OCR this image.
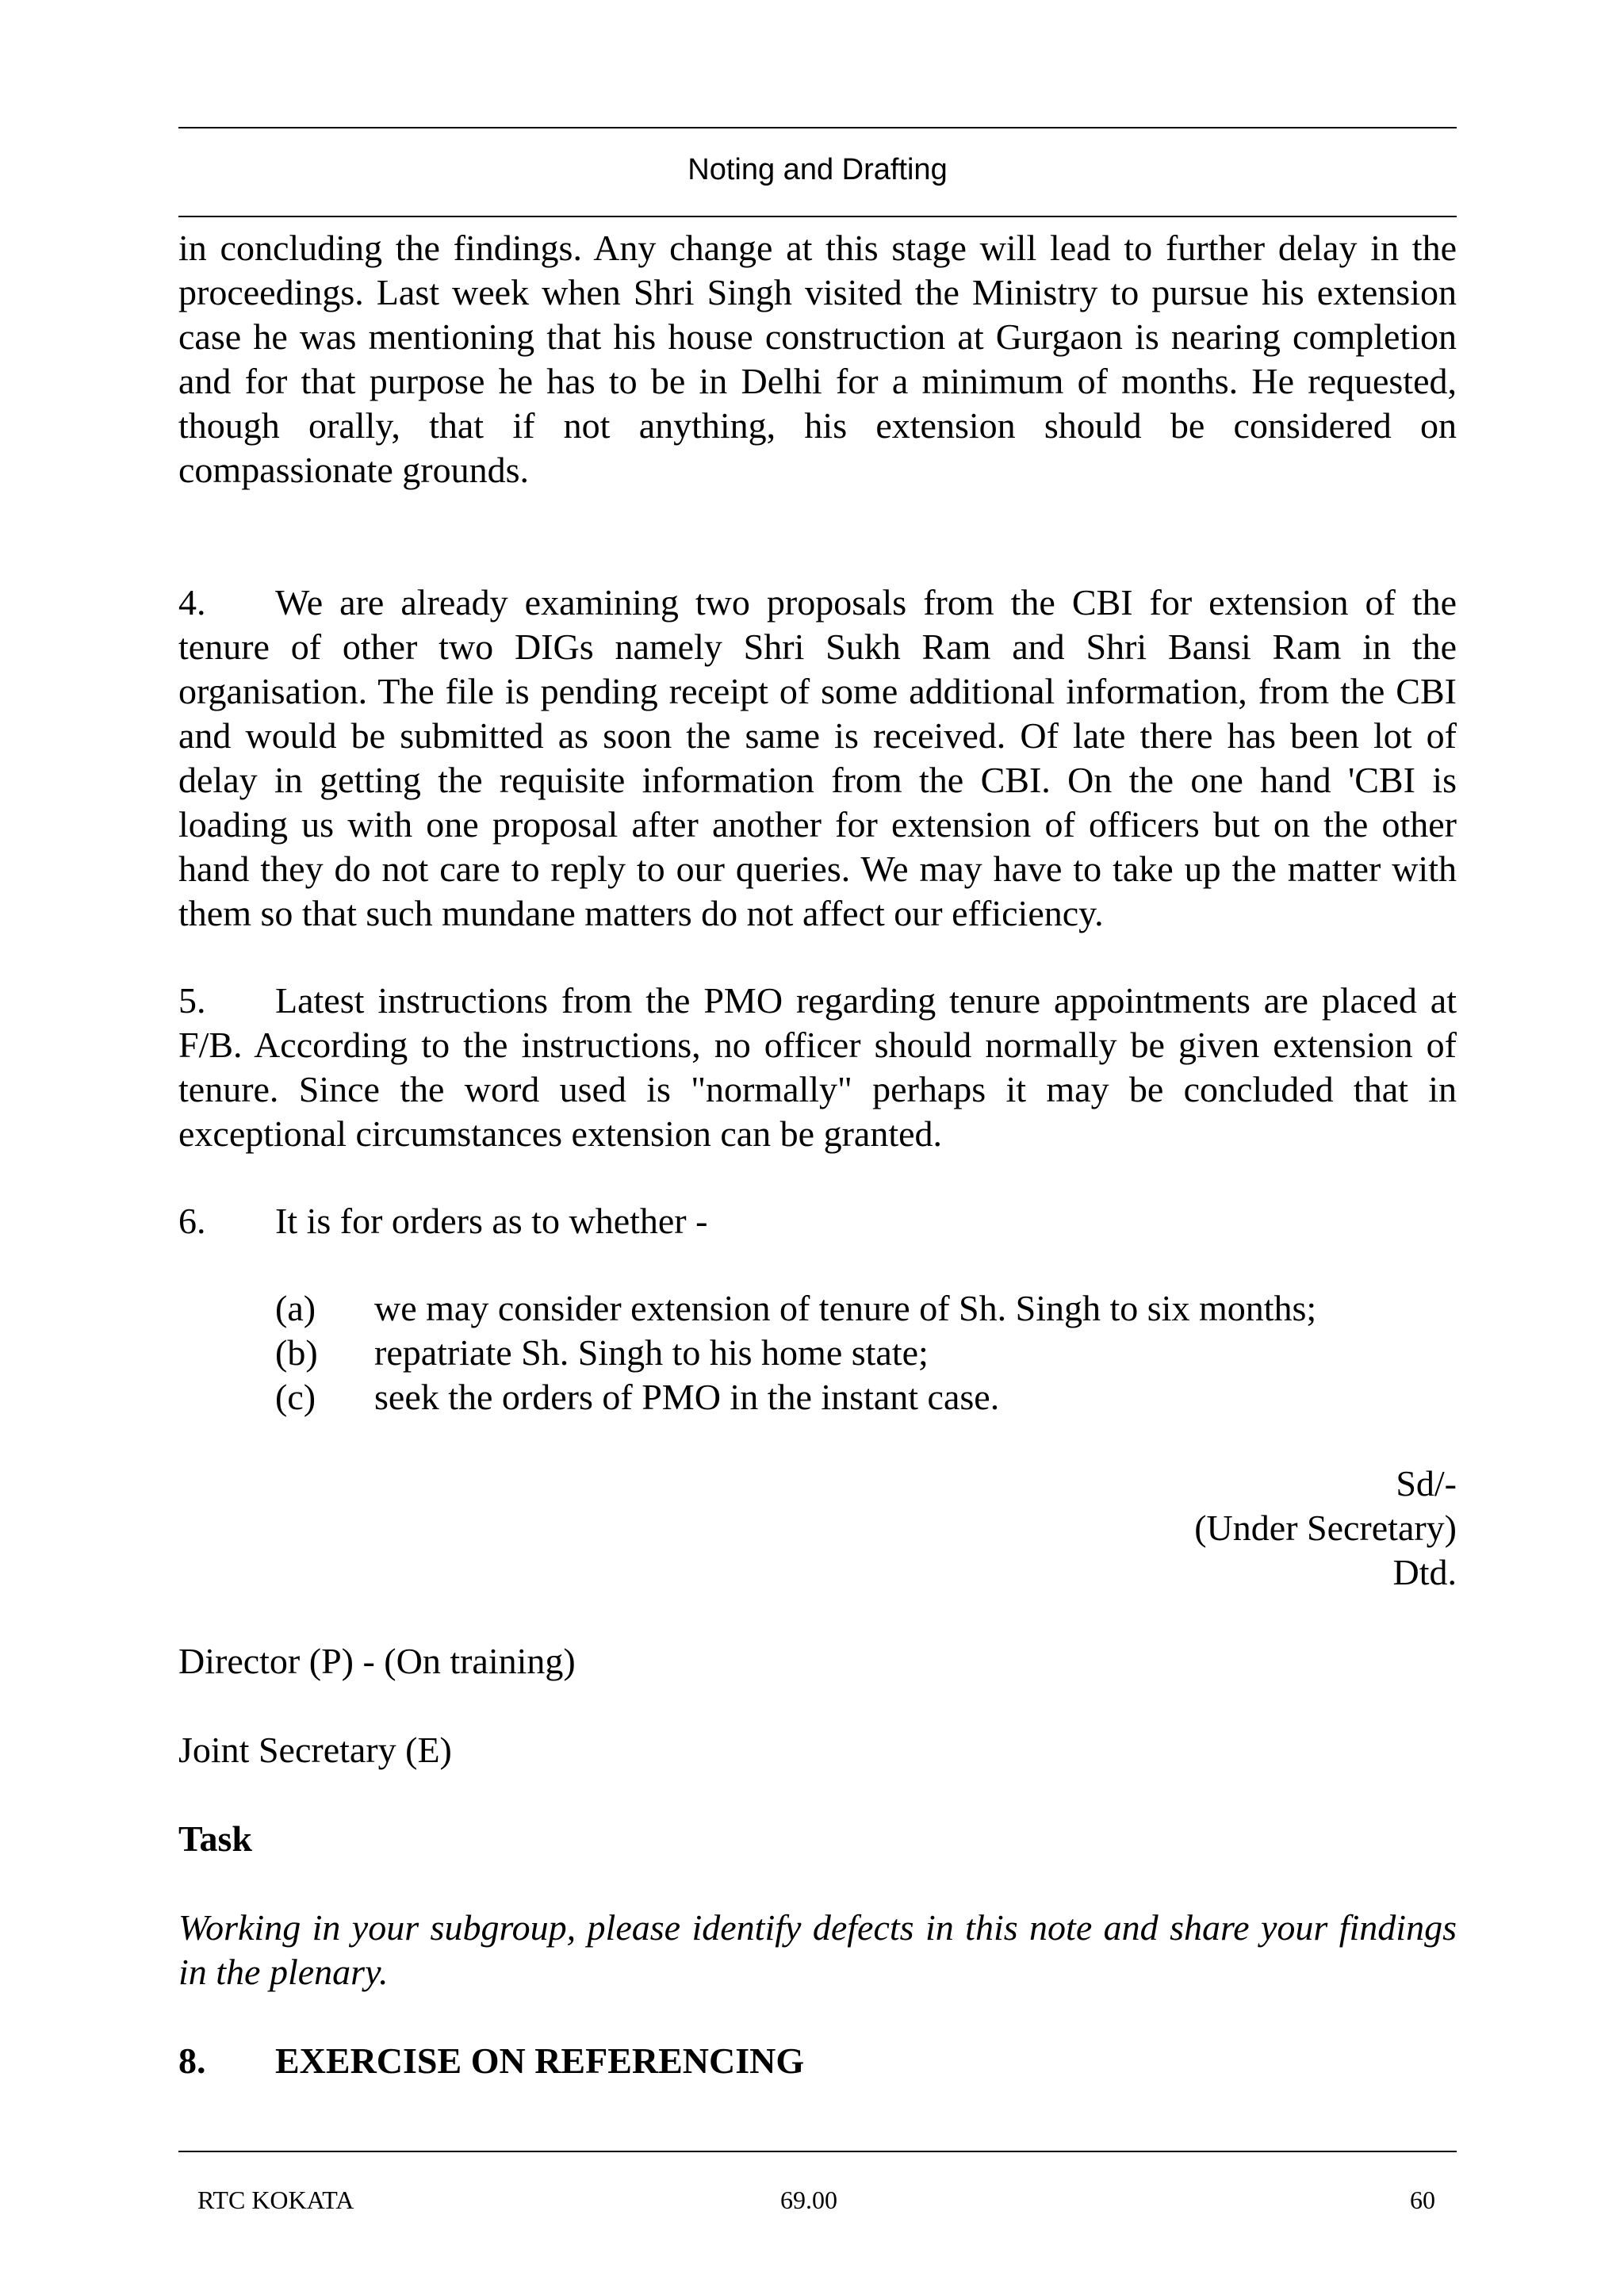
Noting and Drafting

in concluding the findings. Any change at this stage will lead to further delay in the proceedings. Last week when Shri Singh visited the Ministry to pursue his extension case he was mentioning that his house construction at Gurgaon is nearing completion and for that purpose he has to be in Delhi for a minimum of months. He requested, though orally, that if not anything, his extension should be considered on compassionate grounds.

4. We are already examining two proposals from the CBI for extension of the tenure of other two DIGs namely Shri Sukh Ram and Shri Bansi Ram in the organisation. The file is pending receipt of some additional information, from the CBI and would be submitted as soon the same is received. Of late there has been lot of delay in getting the requisite information from the CBI. On the one hand 'CBI is loading us with one proposal after another for extension of officers but on the other hand they do not care to reply to our queries. We may have to take up the matter with them so that such mundane matters do not affect our efficiency.

5. Latest instructions from the PMO regarding tenure appointments are placed at F/B. According to the instructions, no officer should normally be given extension of tenure. Since the word used is "normally" perhaps it may be concluded that in exceptional circumstances extension can be granted.

6. It is for orders as to whether -

(a) we may consider extension of tenure of Sh. Singh to six months;
(b) repatriate Sh. Singh to his home state;
(c) seek the orders of PMO in the instant case.
Sd/-
(Under Secretary)
Dtd.

Director (P) - (On training)

Joint Secretary (E)

Task

Working in your subgroup, please identify defects in this note and share your findings in the plenary.

8. EXERCISE ON REFERENCING

RTC KOKATA	69.00	60
